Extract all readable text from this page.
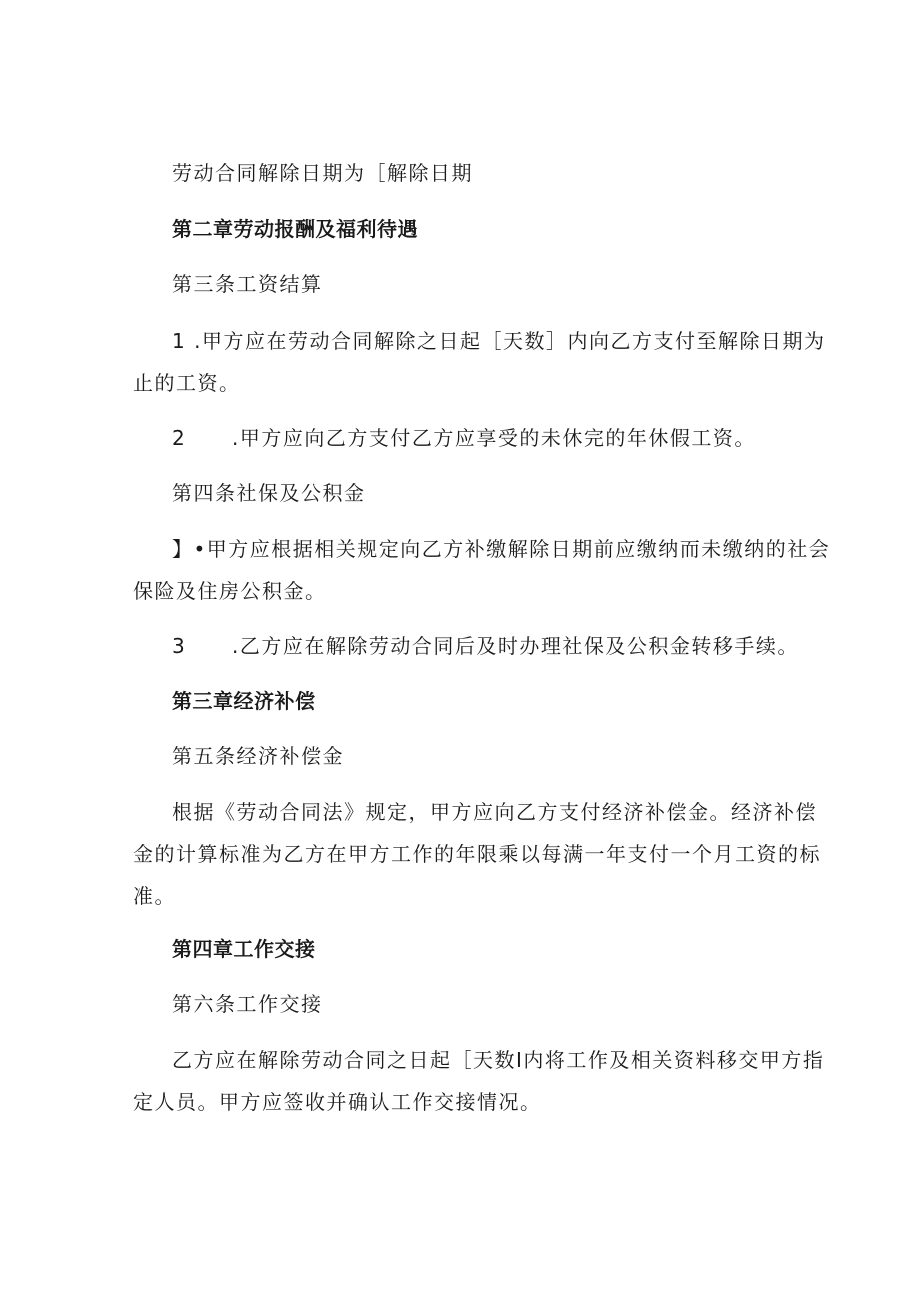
劳动合同解除日期为［解除日期

第二章劳动报酬及福利待遇

第三条工资结算

1 .甲方应在劳动合同解除之日起［天数］内向乙方支付至解除日期为

止的工资。

2 .甲方应向乙方支付乙方应享受的未休完的年休假工资。

第四条社保及公积金

】•甲方应根据相关规定向乙方补缴解除日期前应缴纳而未缴纳的社会

保险及住房公积金。

3 .乙方应在解除劳动合同后及时办理社保及公积金转移手续。

第三章经济补偿

第五条经济补偿金

根据《劳动合同法》规定，甲方应向乙方支付经济补偿金。经济补偿

金的计算标准为乙方在甲方工作的年限乘以每满一年支付一个月工资的标

准。

第四章工作交接

第六条工作交接

乙方应在解除劳动合同之日起［天数I内将工作及相关资料移交甲方指

定人员。甲方应签收并确认工作交接情况。
